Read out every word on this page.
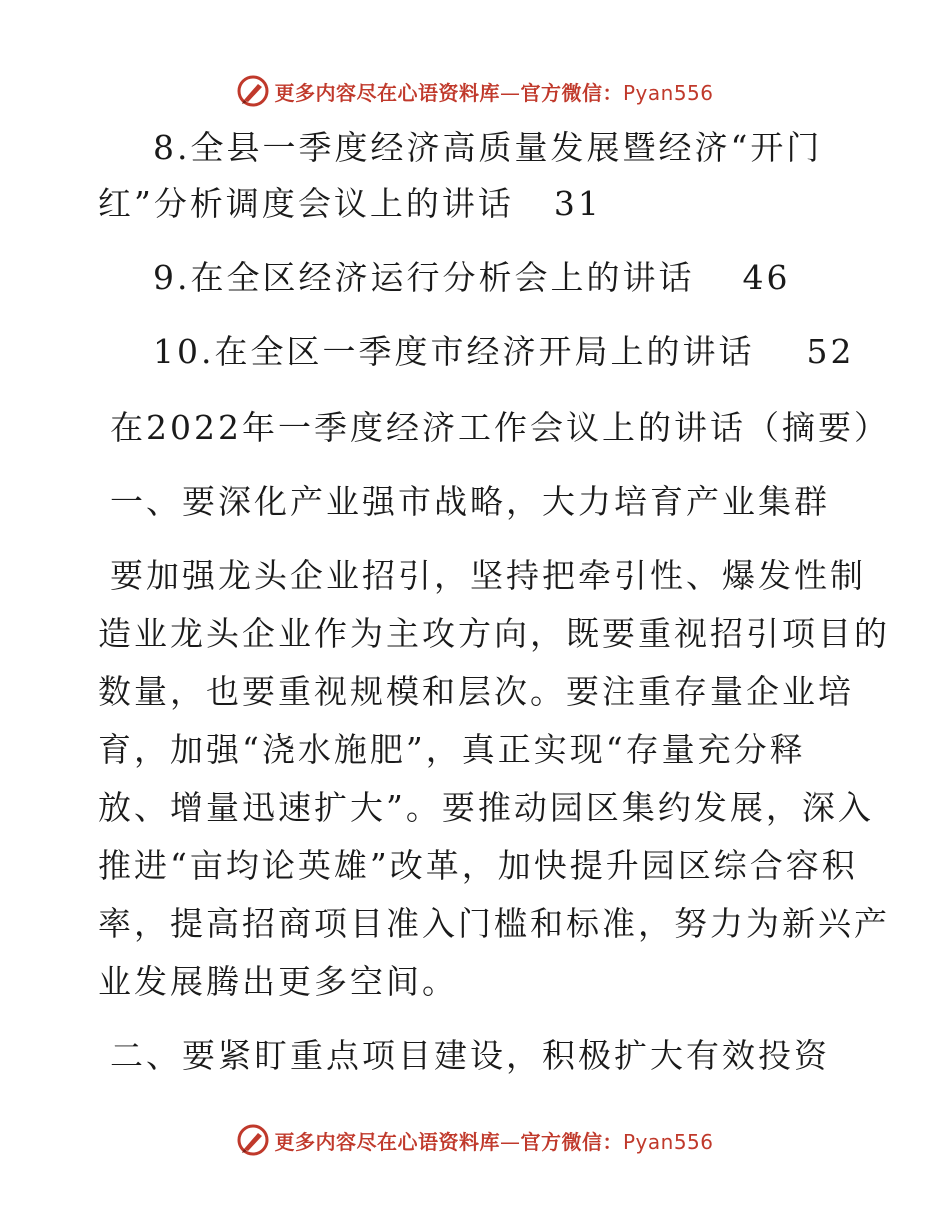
更多内容尽在心语资料库—官方微信：Pyan556
8.全县一季度经济高质量发展暨经济“开门
红”分析调度会议上的讲话 31
9.在全区经济运行分析会上的讲话 46
10.在全区一季度市经济开局上的讲话 52
在2022年一季度经济工作会议上的讲话（摘要）
一、要深化产业强市战略，大力培育产业集群
要加强龙头企业招引，坚持把牵引性、爆发性制
造业龙头企业作为主攻方向，既要重视招引项目的
数量，也要重视规模和层次。要注重存量企业培
育，加强“浇水施肥”，真正实现“存量充分释
放、增量迅速扩大”。要推动园区集约发展，深入
推进“亩均论英雄”改革，加快提升园区综合容积
率，提高招商项目准入门槛和标准，努力为新兴产
业发展腾出更多空间。
二、要紧盯重点项目建设，积极扩大有效投资
更多内容尽在心语资料库—官方微信：Pyan556
